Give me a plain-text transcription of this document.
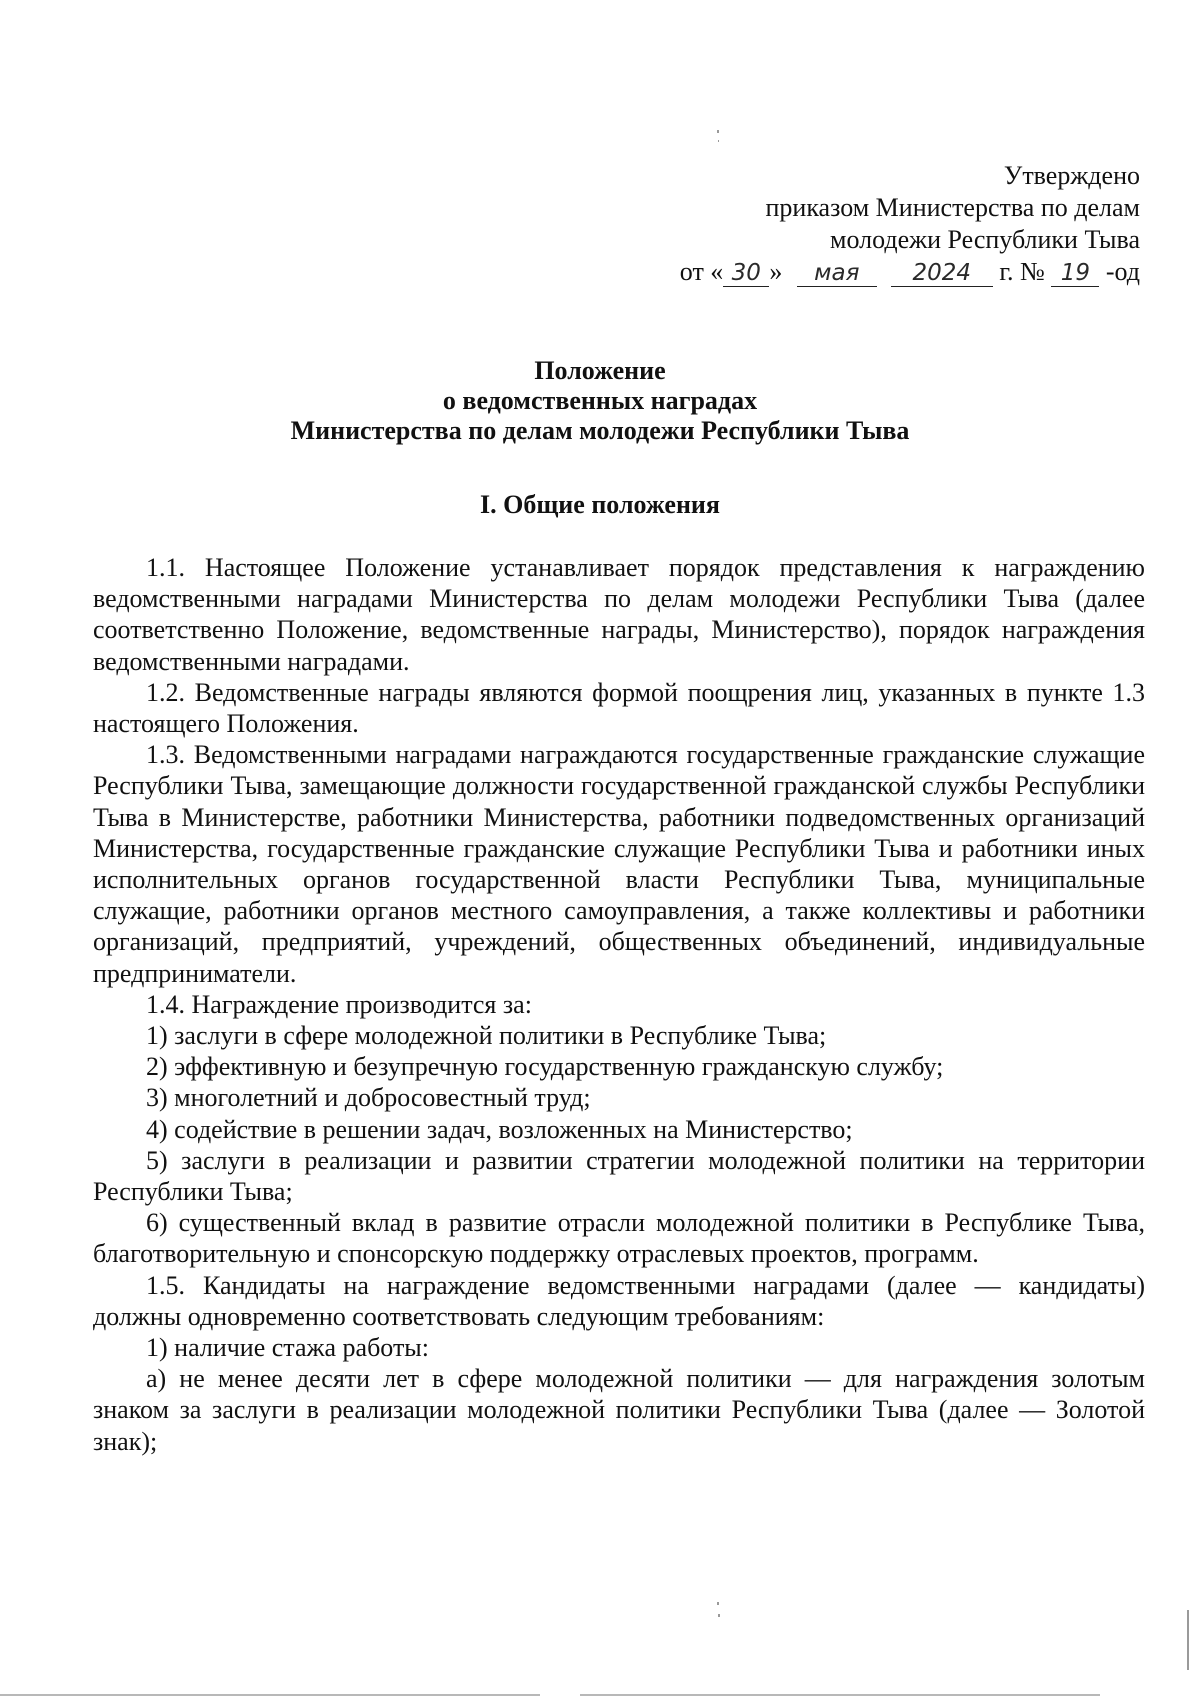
Утверждено
приказом Министерства по делам
молодежи Республики Тыва
от « 30 » мая 2024 г. № 19 -од
Положение
о ведомственных наградах
Министерства по делам молодежи Республики Тыва
I. Общие положения

1.1. Настоящее Положение устанавливает порядок представления к награждению ведомственными наградами Министерства по делам молодежи Республики Тыва (далее соответственно Положение, ведомственные награды, Министерство), порядок награждения ведомственными наградами.

1.2. Ведомственные награды являются формой поощрения лиц, указанных в пункте 1.3 настоящего Положения.

1.3. Ведомственными наградами награждаются государственные гражданские служащие Республики Тыва, замещающие должности государственной гражданской службы Республики Тыва в Министерстве, работники Министерства, работники подведомственных организаций Министерства, государственные гражданские служащие Республики Тыва и работники иных исполнительных органов государственной власти Республики Тыва, муниципальные служащие, работники органов местного самоуправления, а также коллективы и работники организаций, предприятий, учреждений, общественных объединений, индивидуальные предприниматели.

1.4. Награждение производится за:

1) заслуги в сфере молодежной политики в Республике Тыва;

2) эффективную и безупречную государственную гражданскую службу;

3) многолетний и добросовестный труд;

4) содействие в решении задач, возложенных на Министерство;

5) заслуги в реализации и развитии стратегии молодежной политики на территории Республики Тыва;

6) существенный вклад в развитие отрасли молодежной политики в Республике Тыва, благотворительную и спонсорскую поддержку отраслевых проектов, программ.

1.5. Кандидаты на награждение ведомственными наградами (далее — кандидаты) должны одновременно соответствовать следующим требованиям:

1) наличие стажа работы:

а) не менее десяти лет в сфере молодежной политики — для награждения золотым знаком за заслуги в реализации молодежной политики Республики Тыва (далее — Золотой знак);
